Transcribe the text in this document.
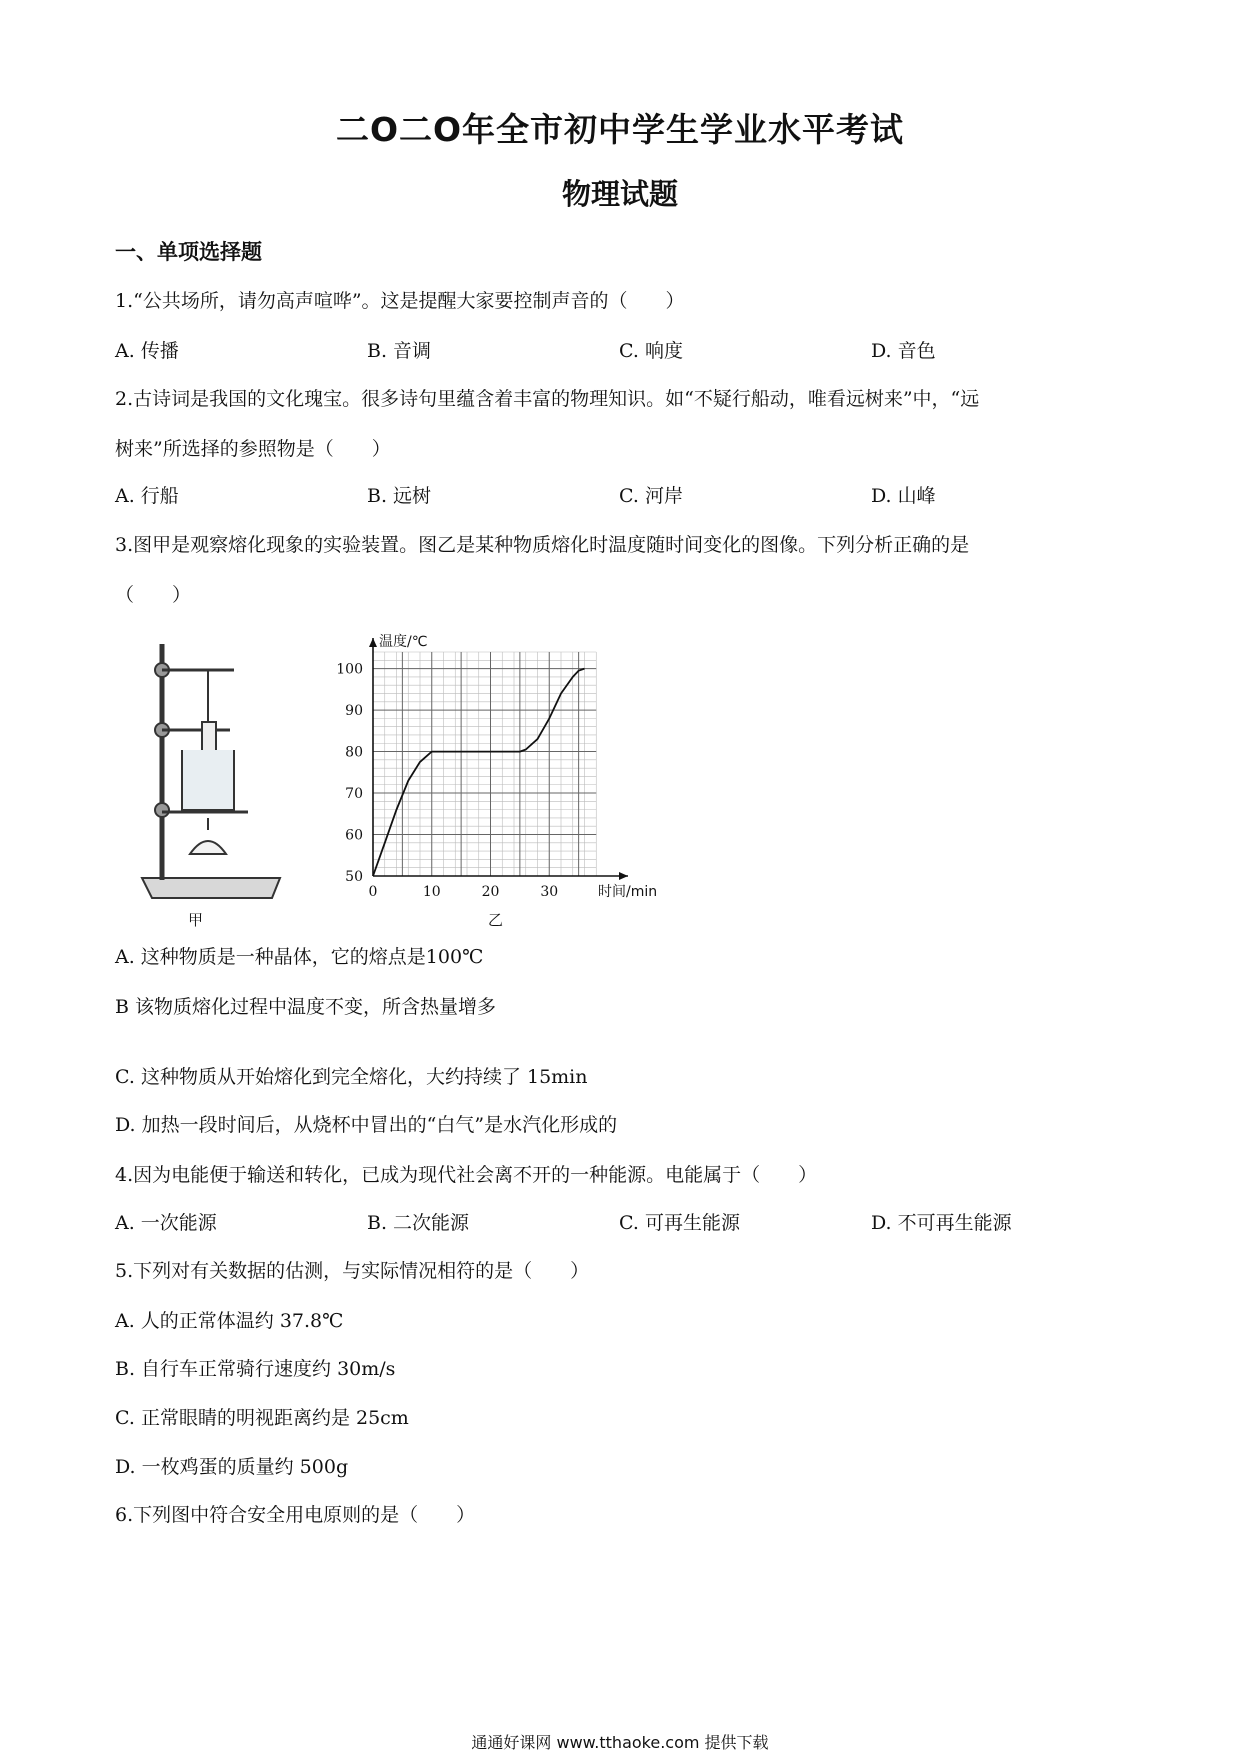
二O二O年全市初中学生学业水平考试
物理试题
一、单项选择题
1.“公共场所，请勿高声喧哗”。这是提醒大家要控制声音的（　　）
A. 传播	B. 音调	C. 响度	D. 音色
2.古诗词是我国的文化瑰宝。很多诗句里蕴含着丰富的物理知识。如“不疑行船动，唯看远树来”中，“远
树来”所选择的参照物是（　　）
A. 行船	B. 远树	C. 河岸	D. 山峰
3.图甲是观察熔化现象的实验装置。图乙是某种物质熔化时温度随时间变化的图像。下列分析正确的是
（　　）
甲
0	10	20	30
50
60
70
80
90
100
温度/℃
时间/min
乙
A. 这种物质是一种晶体，它的熔点是100℃
B 该物质熔化过程中温度不变，所含热量增多
C. 这种物质从开始熔化到完全熔化，大约持续了 15min
D. 加热一段时间后，从烧杯中冒出的“白气”是水汽化形成的
4.因为电能便于输送和转化，已成为现代社会离不开的一种能源。电能属于（　　）
A. 一次能源	B. 二次能源	C. 可再生能源	D. 不可再生能源
5.下列对有关数据的估测，与实际情况相符的是（　　）
A. 人的正常体温约 37.8℃
B. 自行车正常骑行速度约 30m/s
C. 正常眼睛的明视距离约是 25cm
D. 一枚鸡蛋的质量约 500g
6.下列图中符合安全用电原则的是（　　）
通通好课网 www.tthaoke.com 提供下载
